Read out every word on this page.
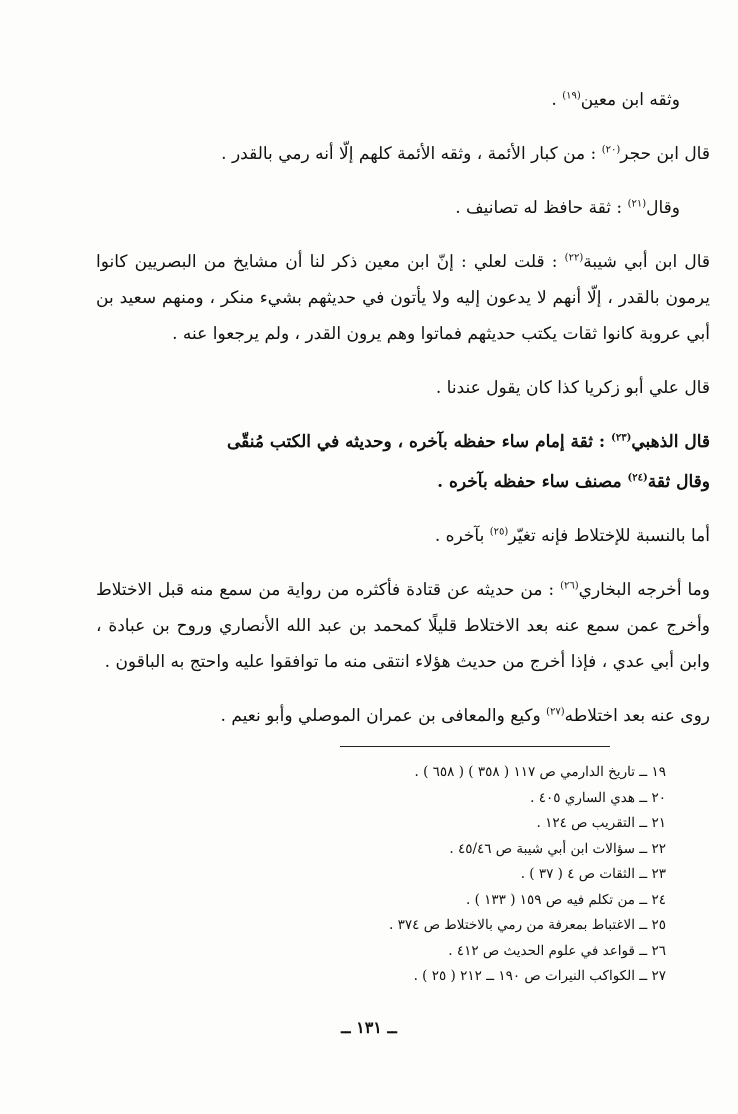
وثقه ابن معين$^{(١٩)}$ .

قال ابن حجر$^{(٢٠)}$ : من كبار الأئمة ، وثقه الأئمة كلهم إلّا أنه رمي بالقدر .

وقال$^{(٢١)}$ : ثقة حافظ له تصانيف .

قال ابن أبي شيبة$^{(٢٢)}$ : قلت لعلي : إنّ ابن معين ذكر لنا أن مشايخ من البصريين كانوا يرمون بالقدر ، إلّا أنهم لا يدعون إليه ولا يأتون في حديثهم بشيء منكر ، ومنهم سعيد بن أبي عروبة كانوا ثقات يكتب حديثهم فماتوا وهم يرون القدر ، ولم يرجعوا عنه .

قال علي أبو زكريا كذا كان يقول عندنا .

قال الذهبي$^{(٢٣)}$ : ثقة إمام ساء حفظه بآخره ، وحديثه في الكتب مُنقّى

وقال ثقة$^{(٢٤)}$ مصنف ساء حفظه بآخره .

أما بالنسبة للإختلاط فإنه تغيّر$^{(٢٥)}$ بآخره .

وما أخرجه البخاري$^{(٢٦)}$ : من حديثه عن قتادة فأكثره من رواية من سمع منه قبل الاختلاط وأخرج عمن سمع عنه بعد الاختلاط قليلًا كمحمد بن عبد الله الأنصاري وروح بن عبادة ، وابن أبي عدي ، فإذا أخرج من حديث هؤلاء انتقى منه ما توافقوا عليه واحتج به الباقون .

روى عنه بعد اختلاطه$^{(٢٧)}$ وكيع والمعافى بن عمران الموصلي وأبو نعيم .

١٩ ــ تاريخ الدارمي ص ١١٧ ( ٣٥٨ ) ( ٦٥٨ ) .
٢٠ ــ هدي الساري ٤٠٥ .
٢١ ــ التقريب ص ١٢٤ .
٢٢ ــ سؤالات ابن أبي شيبة ص ٤٥/٤٦ .
٢٣ ــ الثقات ص ٤ ( ٣٧ ) .
٢٤ ــ من تكلم فيه ص ١٥٩ ( ١٣٣ ) .
٢٥ ــ الاغتباط بمعرفة من رمي بالاختلاط ص ٣٧٤ .
٢٦ ــ قواعد في علوم الحديث ص ٤١٢ .
٢٧ ــ الكواكب النيرات ص ١٩٠ ــ ٢١٢ ( ٢٥ ) .
ــ ١٣١ ــ
